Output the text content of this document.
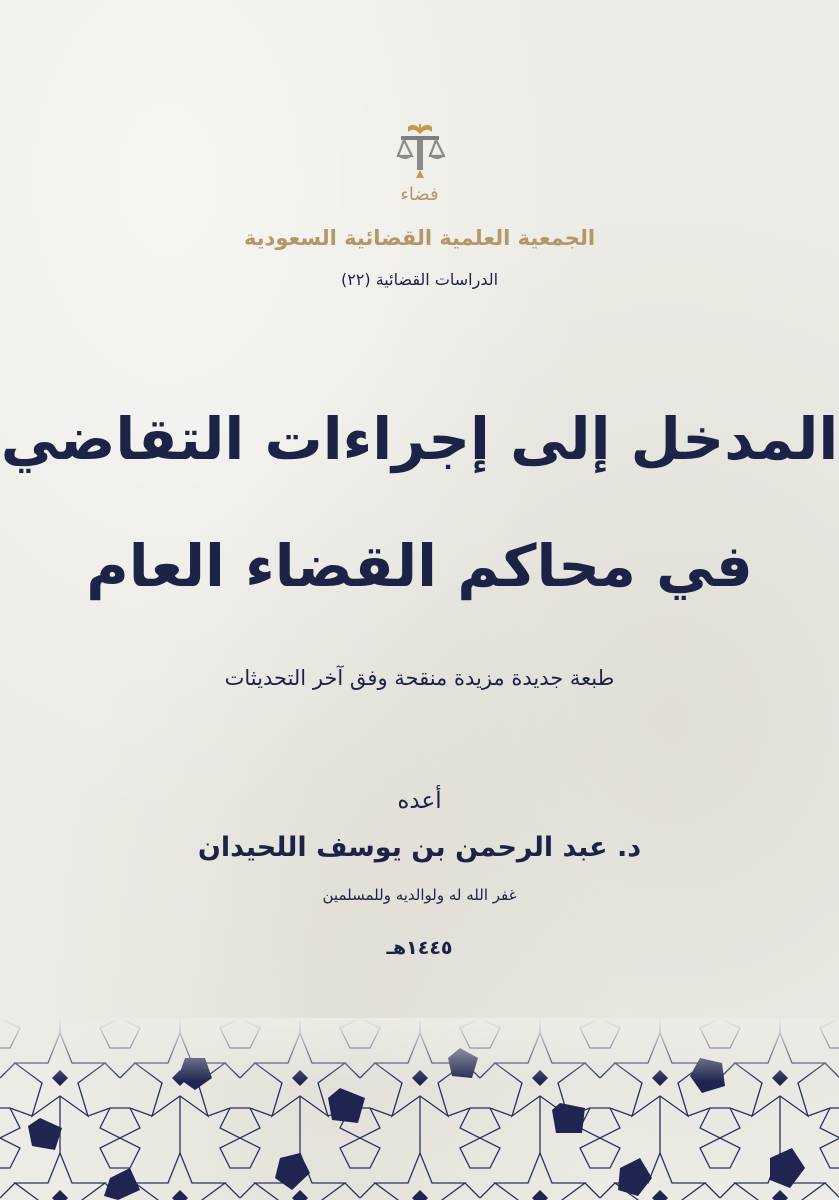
فضاء
الجمعية العلمية القضائية السعودية
الدراسات القضائية (٢٢)
المدخل إلى إجراءات التقاضي
في محاكم القضاء العام
طبعة جديدة مزيدة منقحة وفق آخر التحديثات
أعده
د. عبد الرحمن بن يوسف اللحيدان
غفر الله له ولوالديه وللمسلمين
١٤٤٥هـ
